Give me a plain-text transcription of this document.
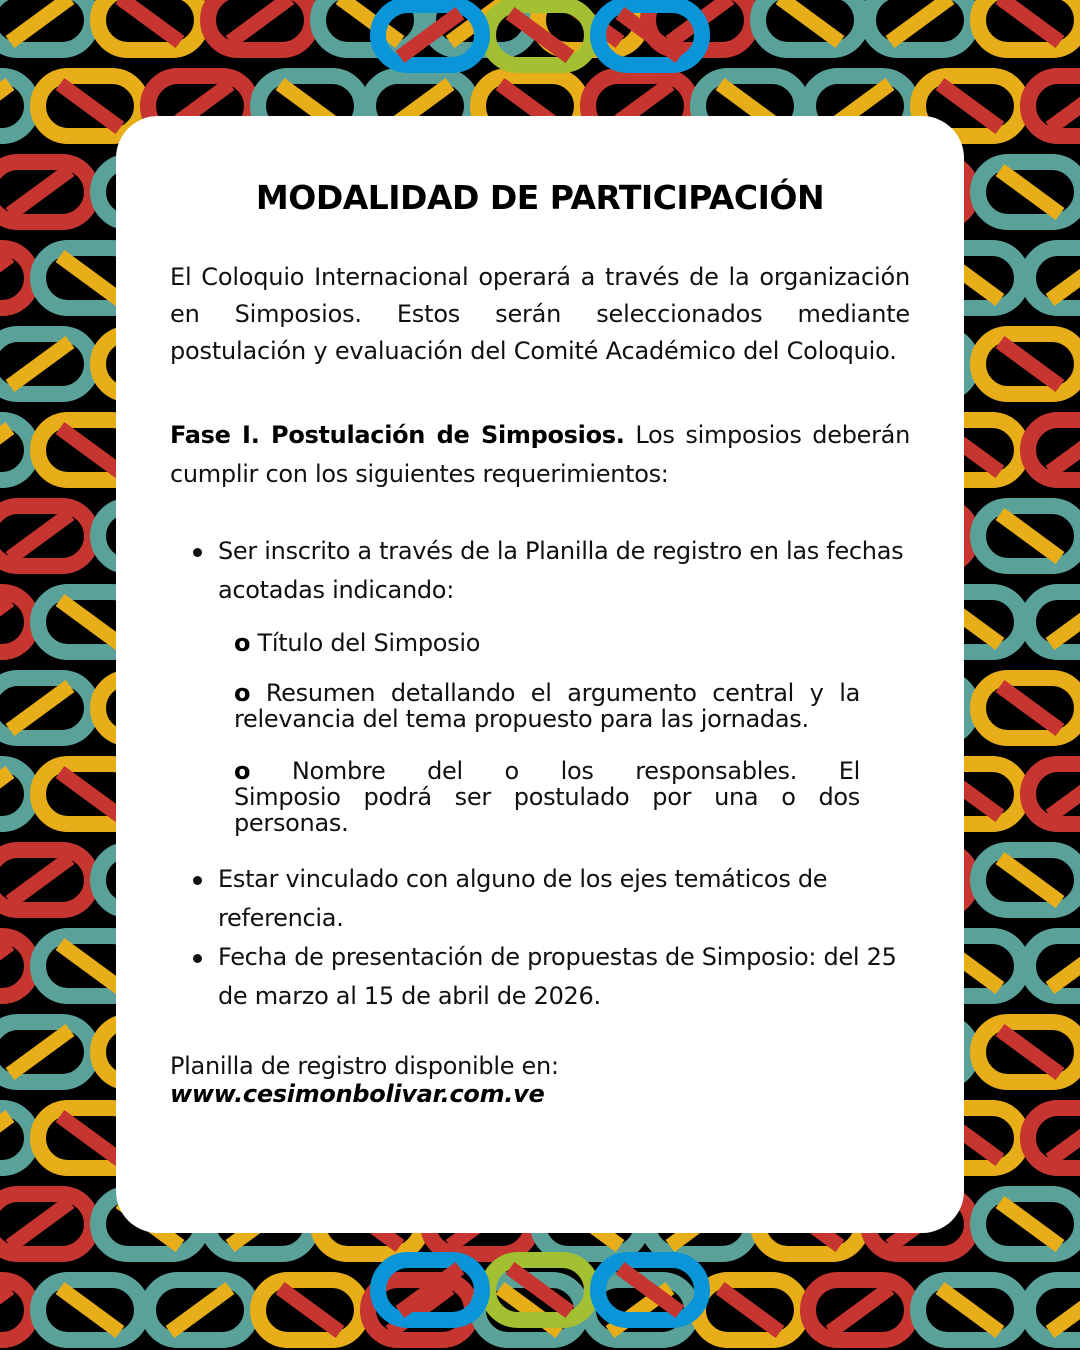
MODALIDAD DE PARTICIPACIÓN

El Coloquio Internacional operará a través de la organización en Simposios. Estos serán seleccionados mediante postulación y evaluación del Comité Académico del Coloquio.

Fase I. Postulación de Simposios. Los simposios deberán cumplir con los siguientes requerimientos:

Ser inscrito a través de la Planilla de registro en las fechas acotadas indicando:
o Título del Simposio
o Resumen detallando el argumento central y la relevancia del tema propuesto para las jornadas.
o Nombre del o los responsables. El Simposio podrá ser postulado por una o dos personas.
Estar vinculado con alguno de los ejes temáticos de referencia.
Fecha de presentación de propuestas de Simposio: del 25 de marzo al 15 de abril de 2026.
Planilla de registro disponible en:
www.cesimonbolivar.com.ve
